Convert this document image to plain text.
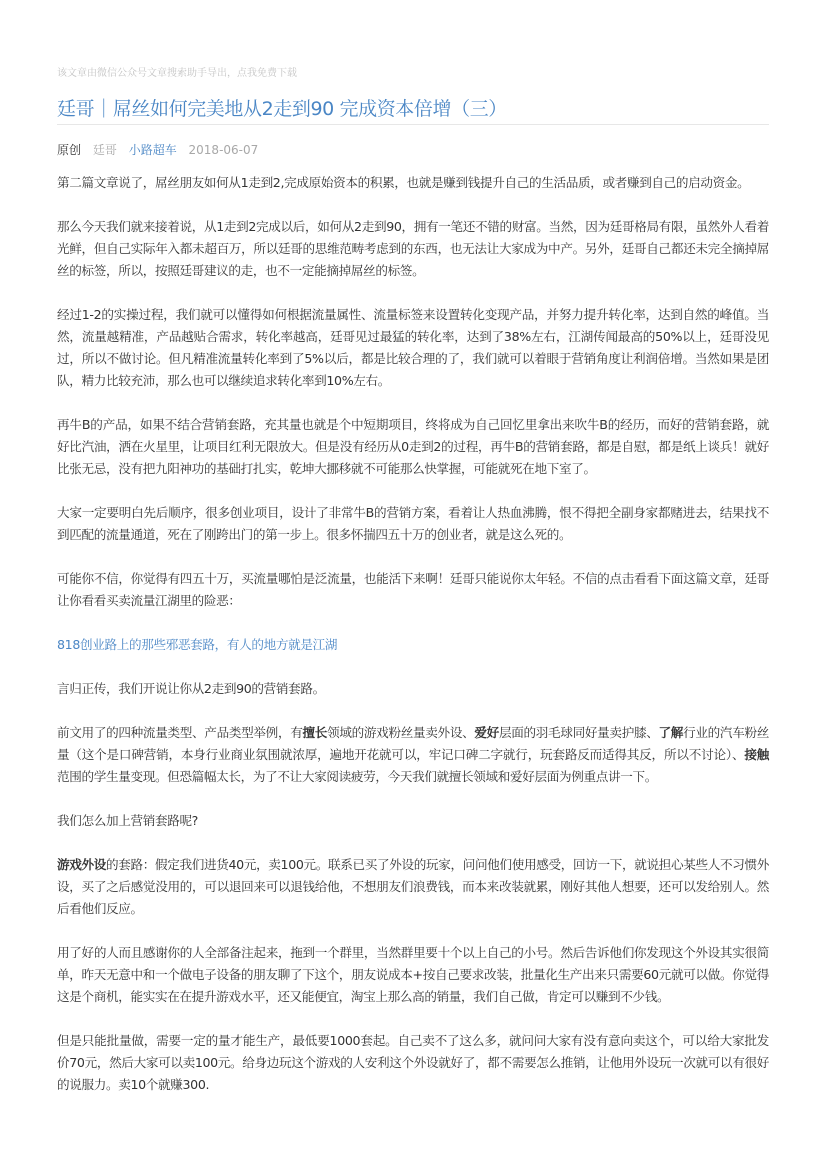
该文章由微信公众号文章搜索助手导出，点我免费下载
廷哥｜屌丝如何完美地从2走到90 完成资本倍增（三）
原创 廷哥 小路超车 2018-06-07

第二篇文章说了，屌丝朋友如何从1走到2,完成原始资本的积累，也就是赚到钱提升自己的生活品质，或者赚到自己的启动资金。

那么今天我们就来接着说，从1走到2完成以后，如何从2走到90，拥有一笔还不错的财富。当然，因为廷哥格局有限，虽然外人看着光鲜，但自己实际年入都未超百万，所以廷哥的思维范畴考虑到的东西，也无法让大家成为中产。另外，廷哥自己都还未完全摘掉屌丝的标签，所以，按照廷哥建议的走，也不一定能摘掉屌丝的标签。

经过1-2的实操过程，我们就可以懂得如何根据流量属性、流量标签来设置转化变现产品，并努力提升转化率，达到自然的峰值。当然，流量越精准，产品越贴合需求，转化率越高，廷哥见过最猛的转化率，达到了38%左右，江湖传闻最高的50%以上，廷哥没见过，所以不做讨论。但凡精准流量转化率到了5%以后，都是比较合理的了，我们就可以着眼于营销角度让利润倍增。当然如果是团队，精力比较充沛，那么也可以继续追求转化率到10%左右。

再牛B的产品，如果不结合营销套路，充其量也就是个中短期项目，终将成为自己回忆里拿出来吹牛B的经历，而好的营销套路，就好比汽油，洒在火星里，让项目红利无限放大。但是没有经历从0走到2的过程，再牛B的营销套路，都是自慰，都是纸上谈兵！就好比张无忌，没有把九阳神功的基础打扎实，乾坤大挪移就不可能那么快掌握，可能就死在地下室了。

大家一定要明白先后顺序，很多创业项目，设计了非常牛B的营销方案，看着让人热血沸腾，恨不得把全副身家都赌进去，结果找不到匹配的流量通道，死在了刚跨出门的第一步上。很多怀揣四五十万的创业者，就是这么死的。

可能你不信，你觉得有四五十万，买流量哪怕是泛流量，也能活下来啊！廷哥只能说你太年轻。不信的点击看看下面这篇文章，廷哥让你看看买卖流量江湖里的险恶：

818创业路上的那些邪恶套路，有人的地方就是江湖

言归正传，我们开说让你从2走到90的营销套路。

前文用了的四种流量类型、产品类型举例，有擅长领域的游戏粉丝量卖外设、爱好层面的羽毛球同好量卖护膝、了解行业的汽车粉丝量（这个是口碑营销，本身行业商业氛围就浓厚，遍地开花就可以，牢记口碑二字就行，玩套路反而适得其反，所以不讨论）、接触范围的学生量变现。但恐篇幅太长，为了不让大家阅读疲劳，今天我们就擅长领域和爱好层面为例重点讲一下。

我们怎么加上营销套路呢?

游戏外设的套路：假定我们进货40元，卖100元。联系已买了外设的玩家，问问他们使用感受，回访一下，就说担心某些人不习惯外设，买了之后感觉没用的，可以退回来可以退钱给他，不想朋友们浪费钱，而本来改装就累，刚好其他人想要，还可以发给别人。然后看他们反应。

用了好的人而且感谢你的人全部备注起来，拖到一个群里，当然群里要十个以上自己的小号。然后告诉他们你发现这个外设其实很简单，昨天无意中和一个做电子设备的朋友聊了下这个，朋友说成本+按自己要求改装，批量化生产出来只需要60元就可以做。你觉得这是个商机，能实实在在提升游戏水平，还又能便宜，淘宝上那么高的销量，我们自己做，肯定可以赚到不少钱。

但是只能批量做，需要一定的量才能生产，最低要1000套起。自己卖不了这么多，就问问大家有没有意向卖这个，可以给大家批发价70元，然后大家可以卖100元。给身边玩这个游戏的人安利这个外设就好了，都不需要怎么推销，让他用外设玩一次就可以有很好的说服力。卖10个就赚300.
